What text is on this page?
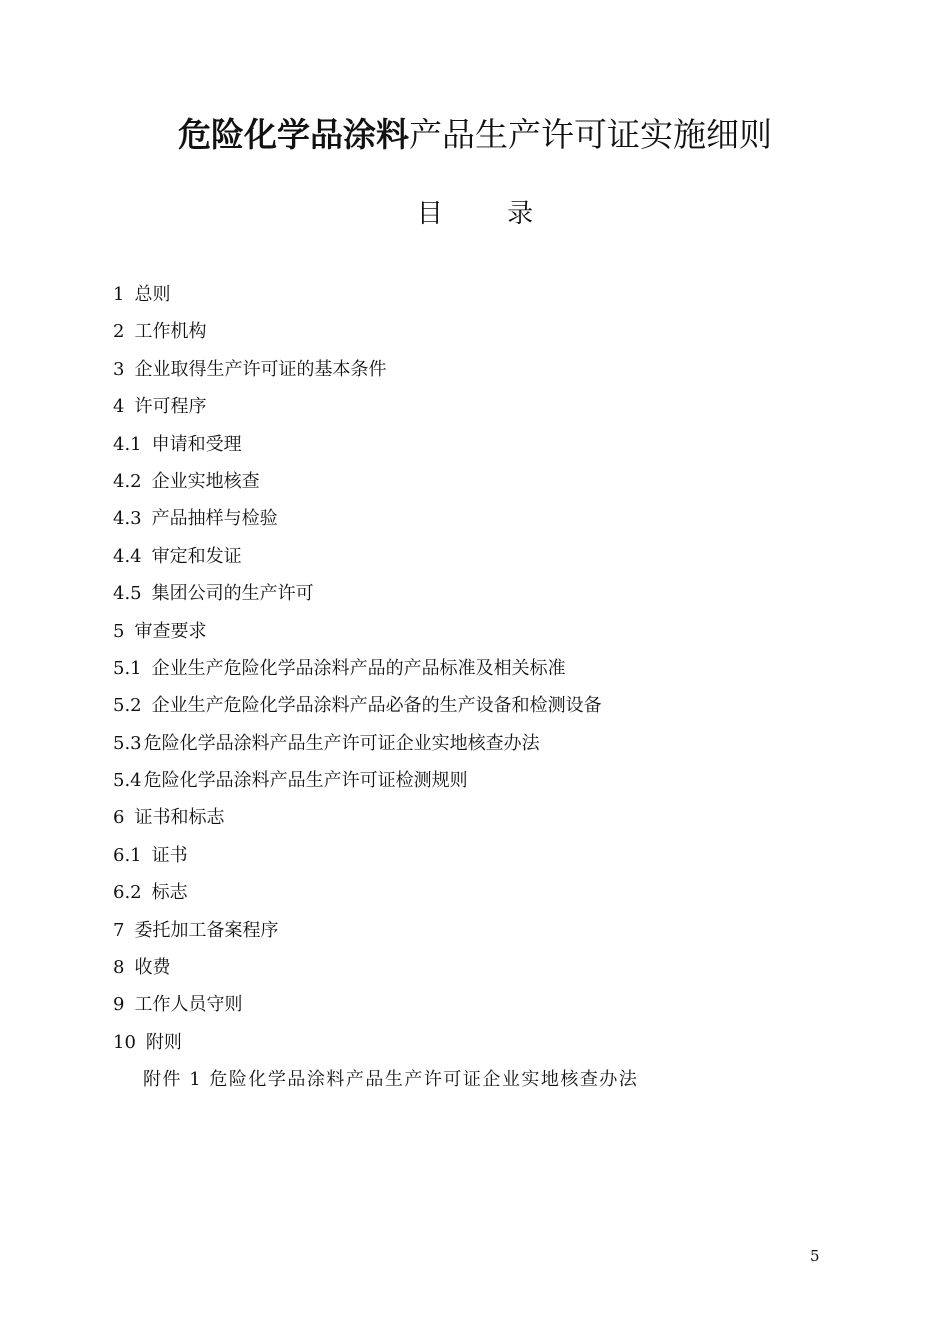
危险化学品涂料产品生产许可证实施细则
目 录
1 总则
2 工作机构
3 企业取得生产许可证的基本条件
4 许可程序
4.1 申请和受理
4.2 企业实地核查
4.3 产品抽样与检验
4.4 审定和发证
4.5 集团公司的生产许可
5 审查要求
5.1 企业生产危险化学品涂料产品的产品标准及相关标准
5.2 企业生产危险化学品涂料产品必备的生产设备和检测设备
5.3 危险化学品涂料产品生产许可证企业实地核查办法
5.4 危险化学品涂料产品生产许可证检测规则
6 证书和标志
6.1 证书
6.2 标志
7 委托加工备案程序
8 收费
9 工作人员守则
10 附则
附件 1 危险化学品涂料产品生产许可证企业实地核查办法
5
